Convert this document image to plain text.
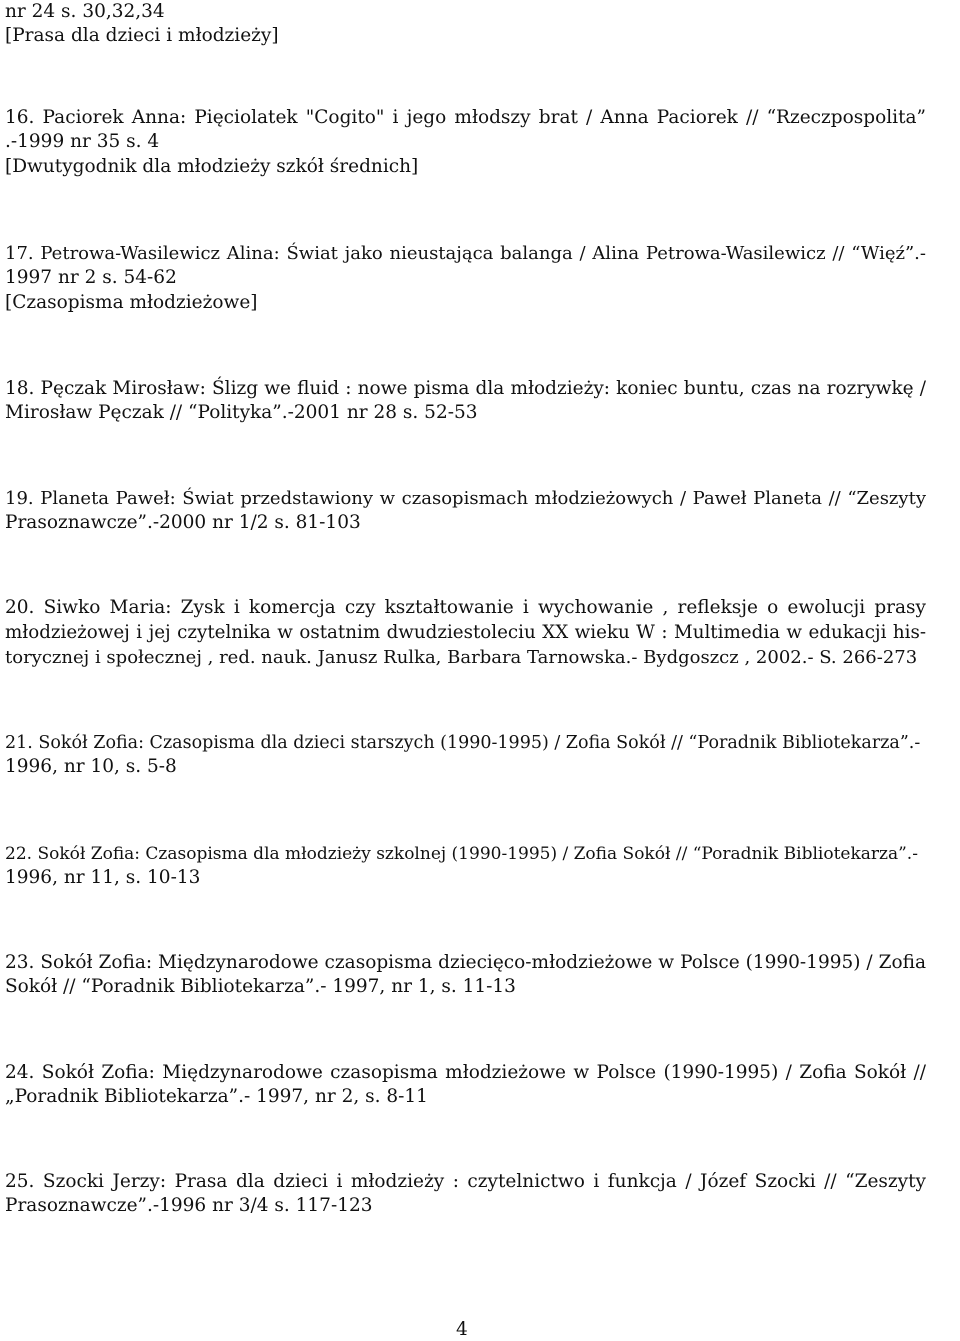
nr 24 s. 30,32,34
[Prasa dla dzieci i młodzieży]
16. Paciorek Anna: Pięciolatek "Cogito" i jego młodszy brat / Anna Paciorek // “Rzeczpospolita”
.-1999 nr 35 s. 4
[Dwutygodnik dla młodzieży szkół średnich]
17. Petrowa-Wasilewicz Alina: Świat jako nieustająca balanga / Alina Petrowa-Wasilewicz // “Więź”.-
1997 nr 2 s. 54-62
[Czasopisma młodzieżowe]
18. Pęczak Mirosław: Ślizg we fluid : nowe pisma dla młodzieży: koniec buntu, czas na rozrywkę /
Mirosław Pęczak // “Polityka”.-2001 nr 28 s. 52-53
19. Planeta Paweł: Świat przedstawiony w czasopismach młodzieżowych / Paweł Planeta // “Zeszyty
Prasoznawcze”.-2000 nr 1/2 s. 81-103
20. Siwko Maria: Zysk i komercja czy kształtowanie i wychowanie , refleksje o ewolucji prasy
młodzieżowej i jej czytelnika w ostatnim dwudziestoleciu XX wieku W : Multimedia w edukacji his-
torycznej i społecznej , red. nauk. Janusz Rulka, Barbara Tarnowska.- Bydgoszcz , 2002.- S. 266-273
21. Sokół Zofia: Czasopisma dla dzieci starszych (1990-1995) / Zofia Sokół // “Poradnik Bibliotekarza”.-
1996, nr 10, s. 5-8
22. Sokół Zofia: Czasopisma dla młodzieży szkolnej (1990-1995) / Zofia Sokół // “Poradnik Bibliotekarza”.-
1996, nr 11, s. 10-13
23. Sokół Zofia: Międzynarodowe czasopisma dziecięco-młodzieżowe w Polsce (1990-1995) / Zofia
Sokół // “Poradnik Bibliotekarza”.- 1997, nr 1, s. 11-13
24. Sokół Zofia: Międzynarodowe czasopisma młodzieżowe w Polsce (1990-1995) / Zofia Sokół //
„Poradnik Bibliotekarza”.- 1997, nr 2, s. 8-11
25. Szocki Jerzy: Prasa dla dzieci i młodzieży : czytelnictwo i funkcja / Józef Szocki // “Zeszyty
Prasoznawcze”.-1996 nr 3/4 s. 117-123
4
